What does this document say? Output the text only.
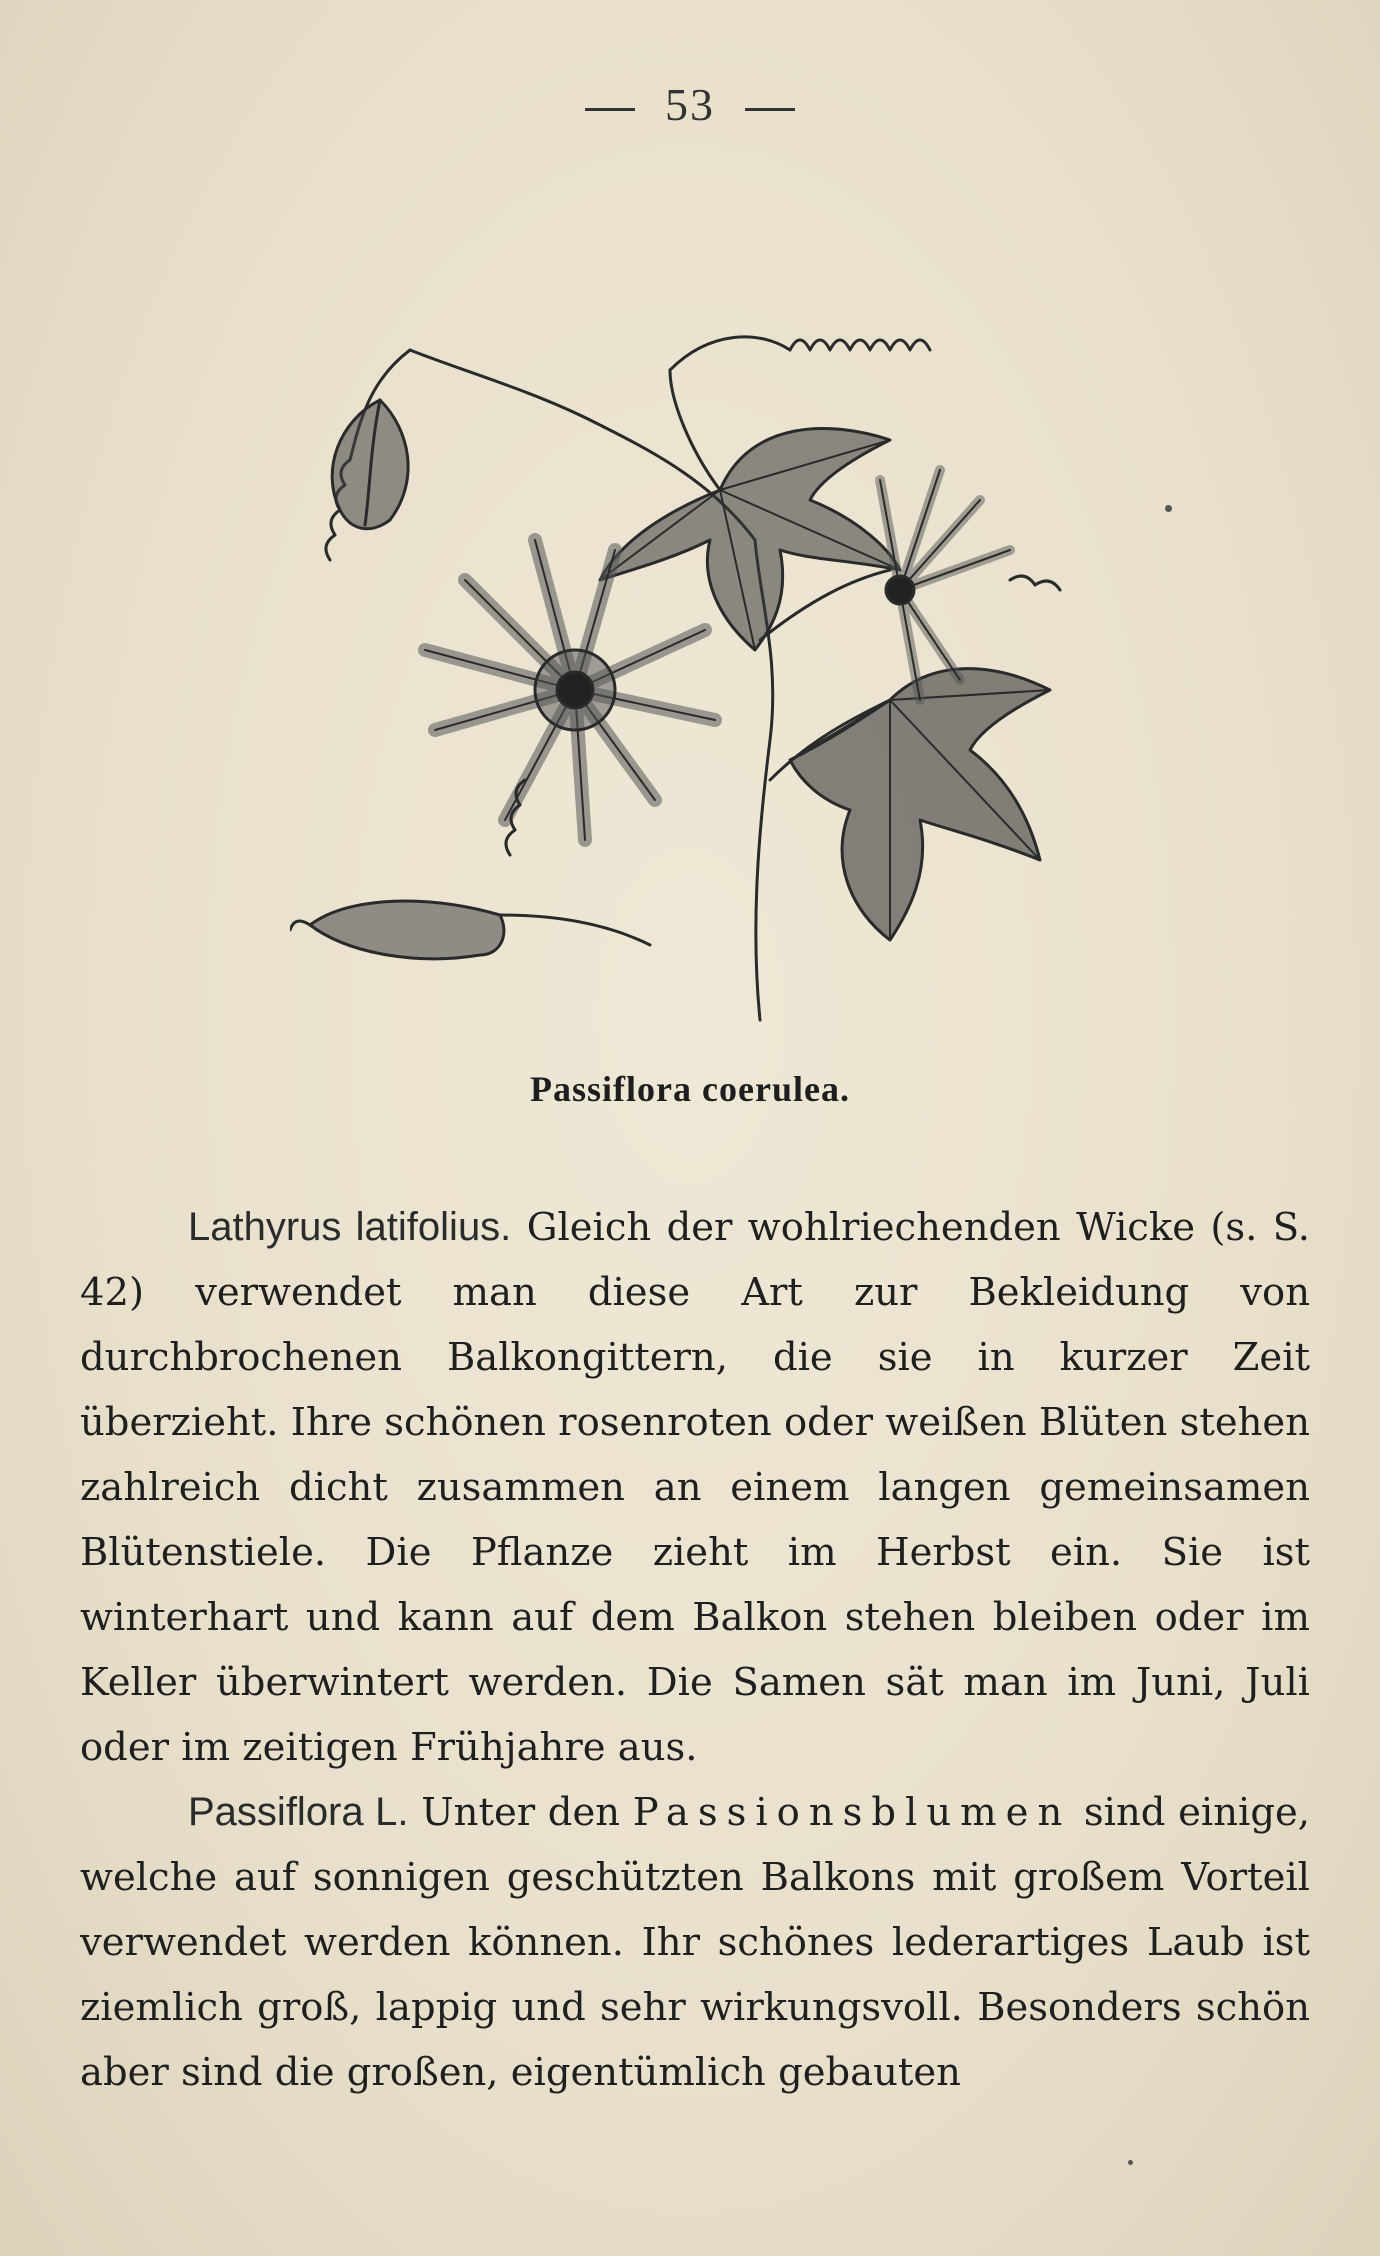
53
Passiflora coerulea.

Lathyrus latifolius. Gleich der wohlriechenden Wicke (s. S. 42) verwendet man diese Art zur Bekleidung von durchbrochenen Balkongittern, die sie in kurzer Zeit überzieht. Ihre schönen rosenroten oder weißen Blüten stehen zahlreich dicht zusammen an einem langen gemeinsamen Blütenstiele. Die Pflanze zieht im Herbst ein. Sie ist winterhart und kann auf dem Balkon stehen bleiben oder im Keller überwintert werden. Die Samen sät man im Juni, Juli oder im zeitigen Frühjahre aus.

Passiflora L. Unter den Passionsblumen sind einige, welche auf sonnigen geschützten Balkons mit großem Vorteil verwendet werden können. Ihr schönes lederartiges Laub ist ziemlich groß, lappig und sehr wirkungsvoll. Besonders schön aber sind die großen, eigentümlich gebauten
